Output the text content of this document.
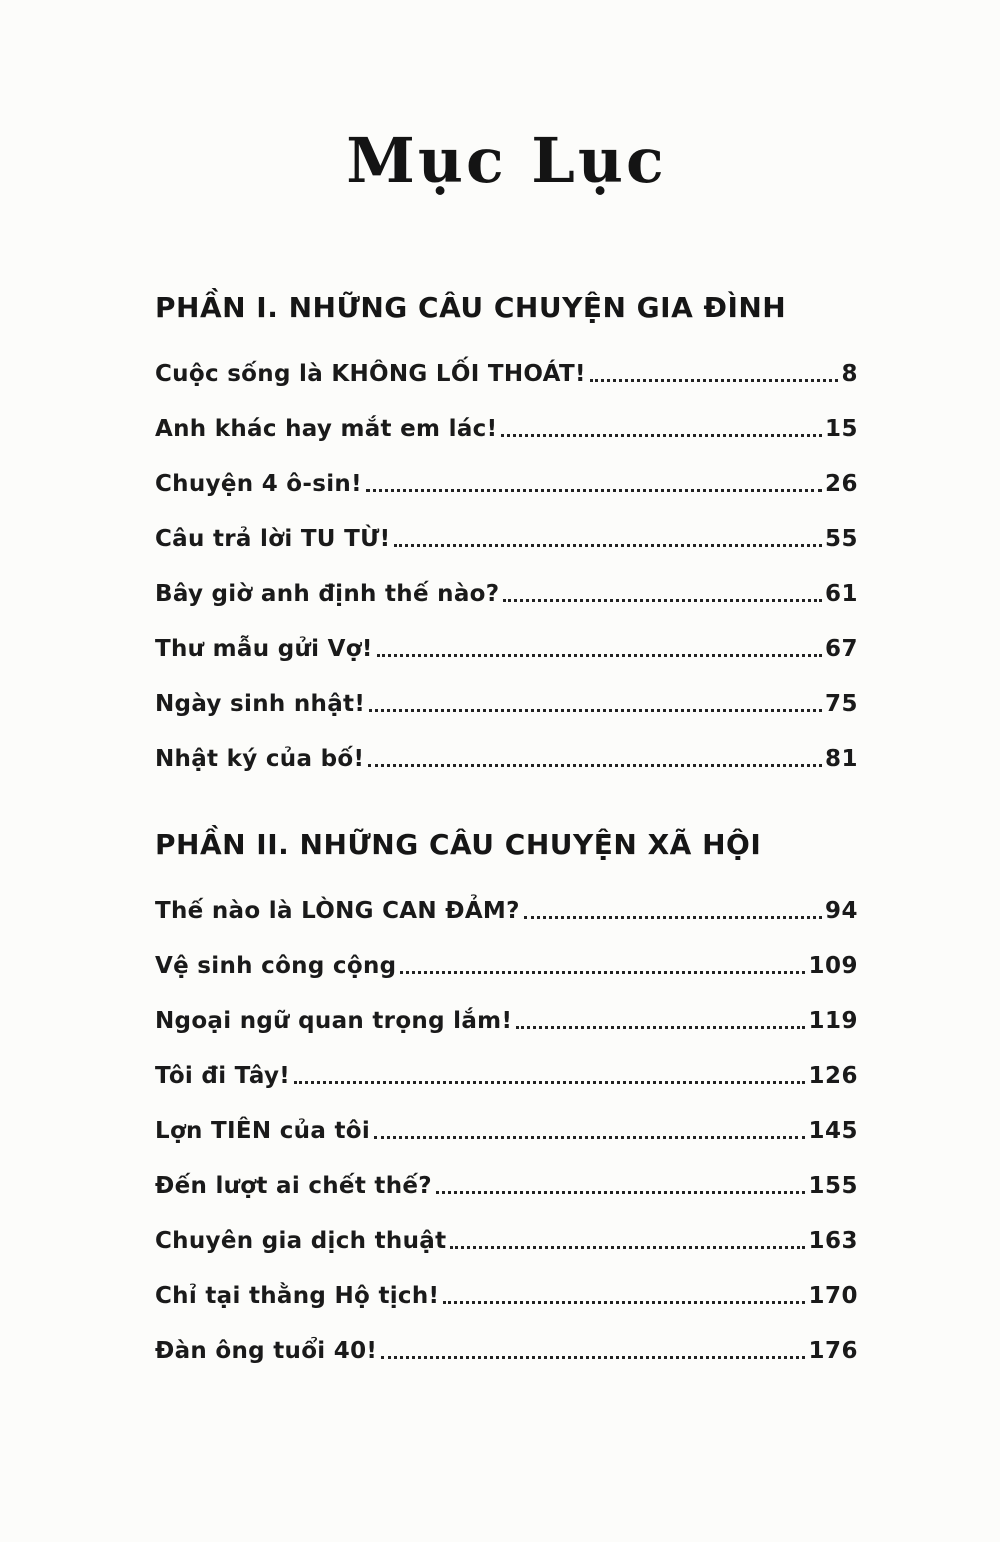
Mục Lục
PHẦN I. NHỮNG CÂU CHUYỆN GIA ĐÌNH
Cuộc sống là KHÔNG LỐI THOÁT!	8
Anh khác hay mắt em lác!	15
Chuyện 4 ô-sin!	26
Câu trả lời TU TỪ!	55
Bây giờ anh định thế nào?	61
Thư mẫu gửi Vợ!	67
Ngày sinh nhật!	75
Nhật ký của bố!	81
PHẦN II. NHỮNG CÂU CHUYỆN XÃ HỘI
Thế nào là LÒNG CAN ĐẢM?	94
Vệ sinh công cộng	109
Ngoại ngữ quan trọng lắm!	119
Tôi đi Tây!	126
Lợn TIÊN của tôi	145
Đến lượt ai chết thế?	155
Chuyên gia dịch thuật	163
Chỉ tại thằng Hộ tịch!	170
Đàn ông tuổi 40!	176
